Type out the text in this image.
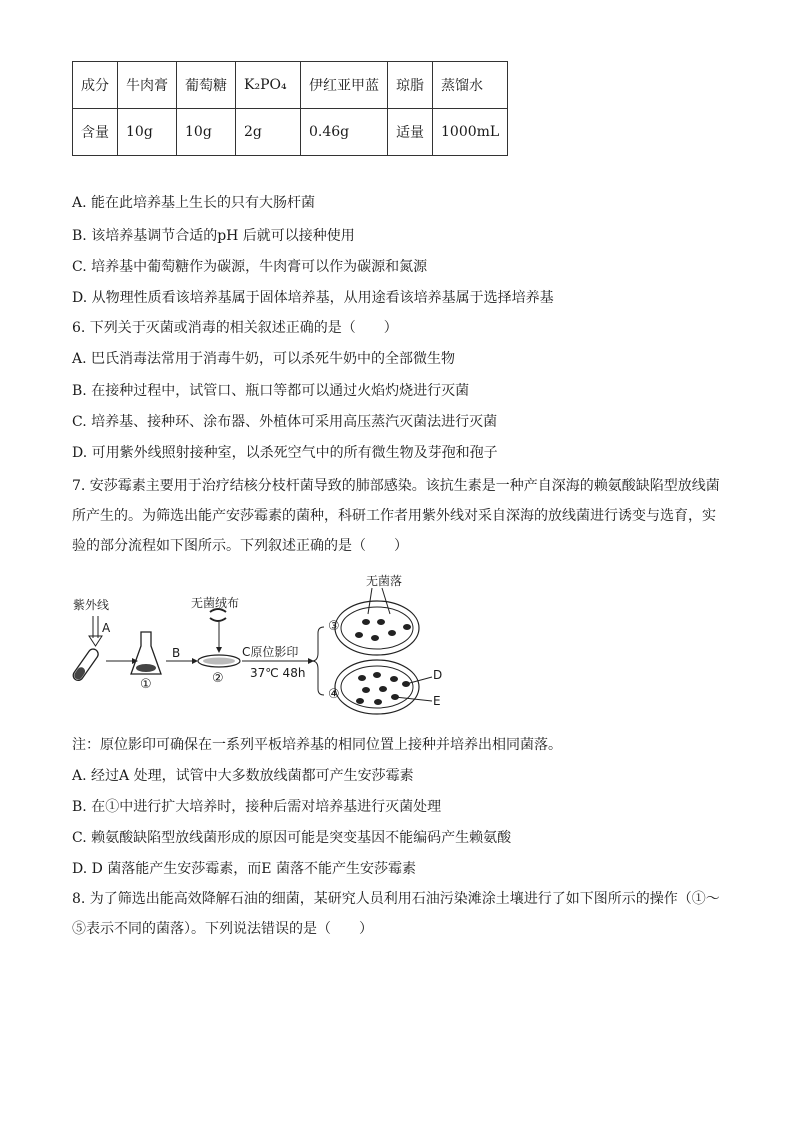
成分	牛肉膏	葡萄糖	K₂PO₄	伊红亚甲蓝	琼脂	蒸馏水
含量	10g	10g	2g	0.46g	适量	1000mL
A. 能在此培养基上生长的只有大肠杆菌
B. 该培养基调节合适的pH 后就可以接种使用
C. 培养基中葡萄糖作为碳源，牛肉膏可以作为碳源和氮源
D. 从物理性质看该培养基属于固体培养基，从用途看该培养基属于选择培养基
6. 下列关于灭菌或消毒的相关叙述正确的是（　　）
A. 巴氏消毒法常用于消毒牛奶，可以杀死牛奶中的全部微生物
B. 在接种过程中，试管口、瓶口等都可以通过火焰灼烧进行灭菌
C. 培养基、接种环、涂布器、外植体可采用高压蒸汽灭菌法进行灭菌
D. 可用紫外线照射接种室，以杀死空气中的所有微生物及芽孢和孢子
7. 安莎霉素主要用于治疗结核分枝杆菌导致的肺部感染。该抗生素是一种产自深海的赖氨酸缺陷型放线菌所产生的。为筛选出能产安莎霉素的菌种，科研工作者用紫外线对采自深海的放线菌进行诱变与选育，实验的部分流程如下图所示。下列叙述正确的是（　　）
紫外线
A
B
无菌绒布
C原位影印
37℃ 48h
无菌落
①	②
③
④
D
E
注：原位影印可确保在一系列平板培养基的相同位置上接种并培养出相同菌落。
A. 经过A 处理，试管中大多数放线菌都可产生安莎霉素
B. 在①中进行扩大培养时，接种后需对培养基进行灭菌处理
C. 赖氨酸缺陷型放线菌形成的原因可能是突变基因不能编码产生赖氨酸
D. D 菌落能产生安莎霉素，而E 菌落不能产生安莎霉素
8. 为了筛选出能高效降解石油的细菌，某研究人员利用石油污染滩涂土壤进行了如下图所示的操作（①～⑤表示不同的菌落）。下列说法错误的是（　　）
